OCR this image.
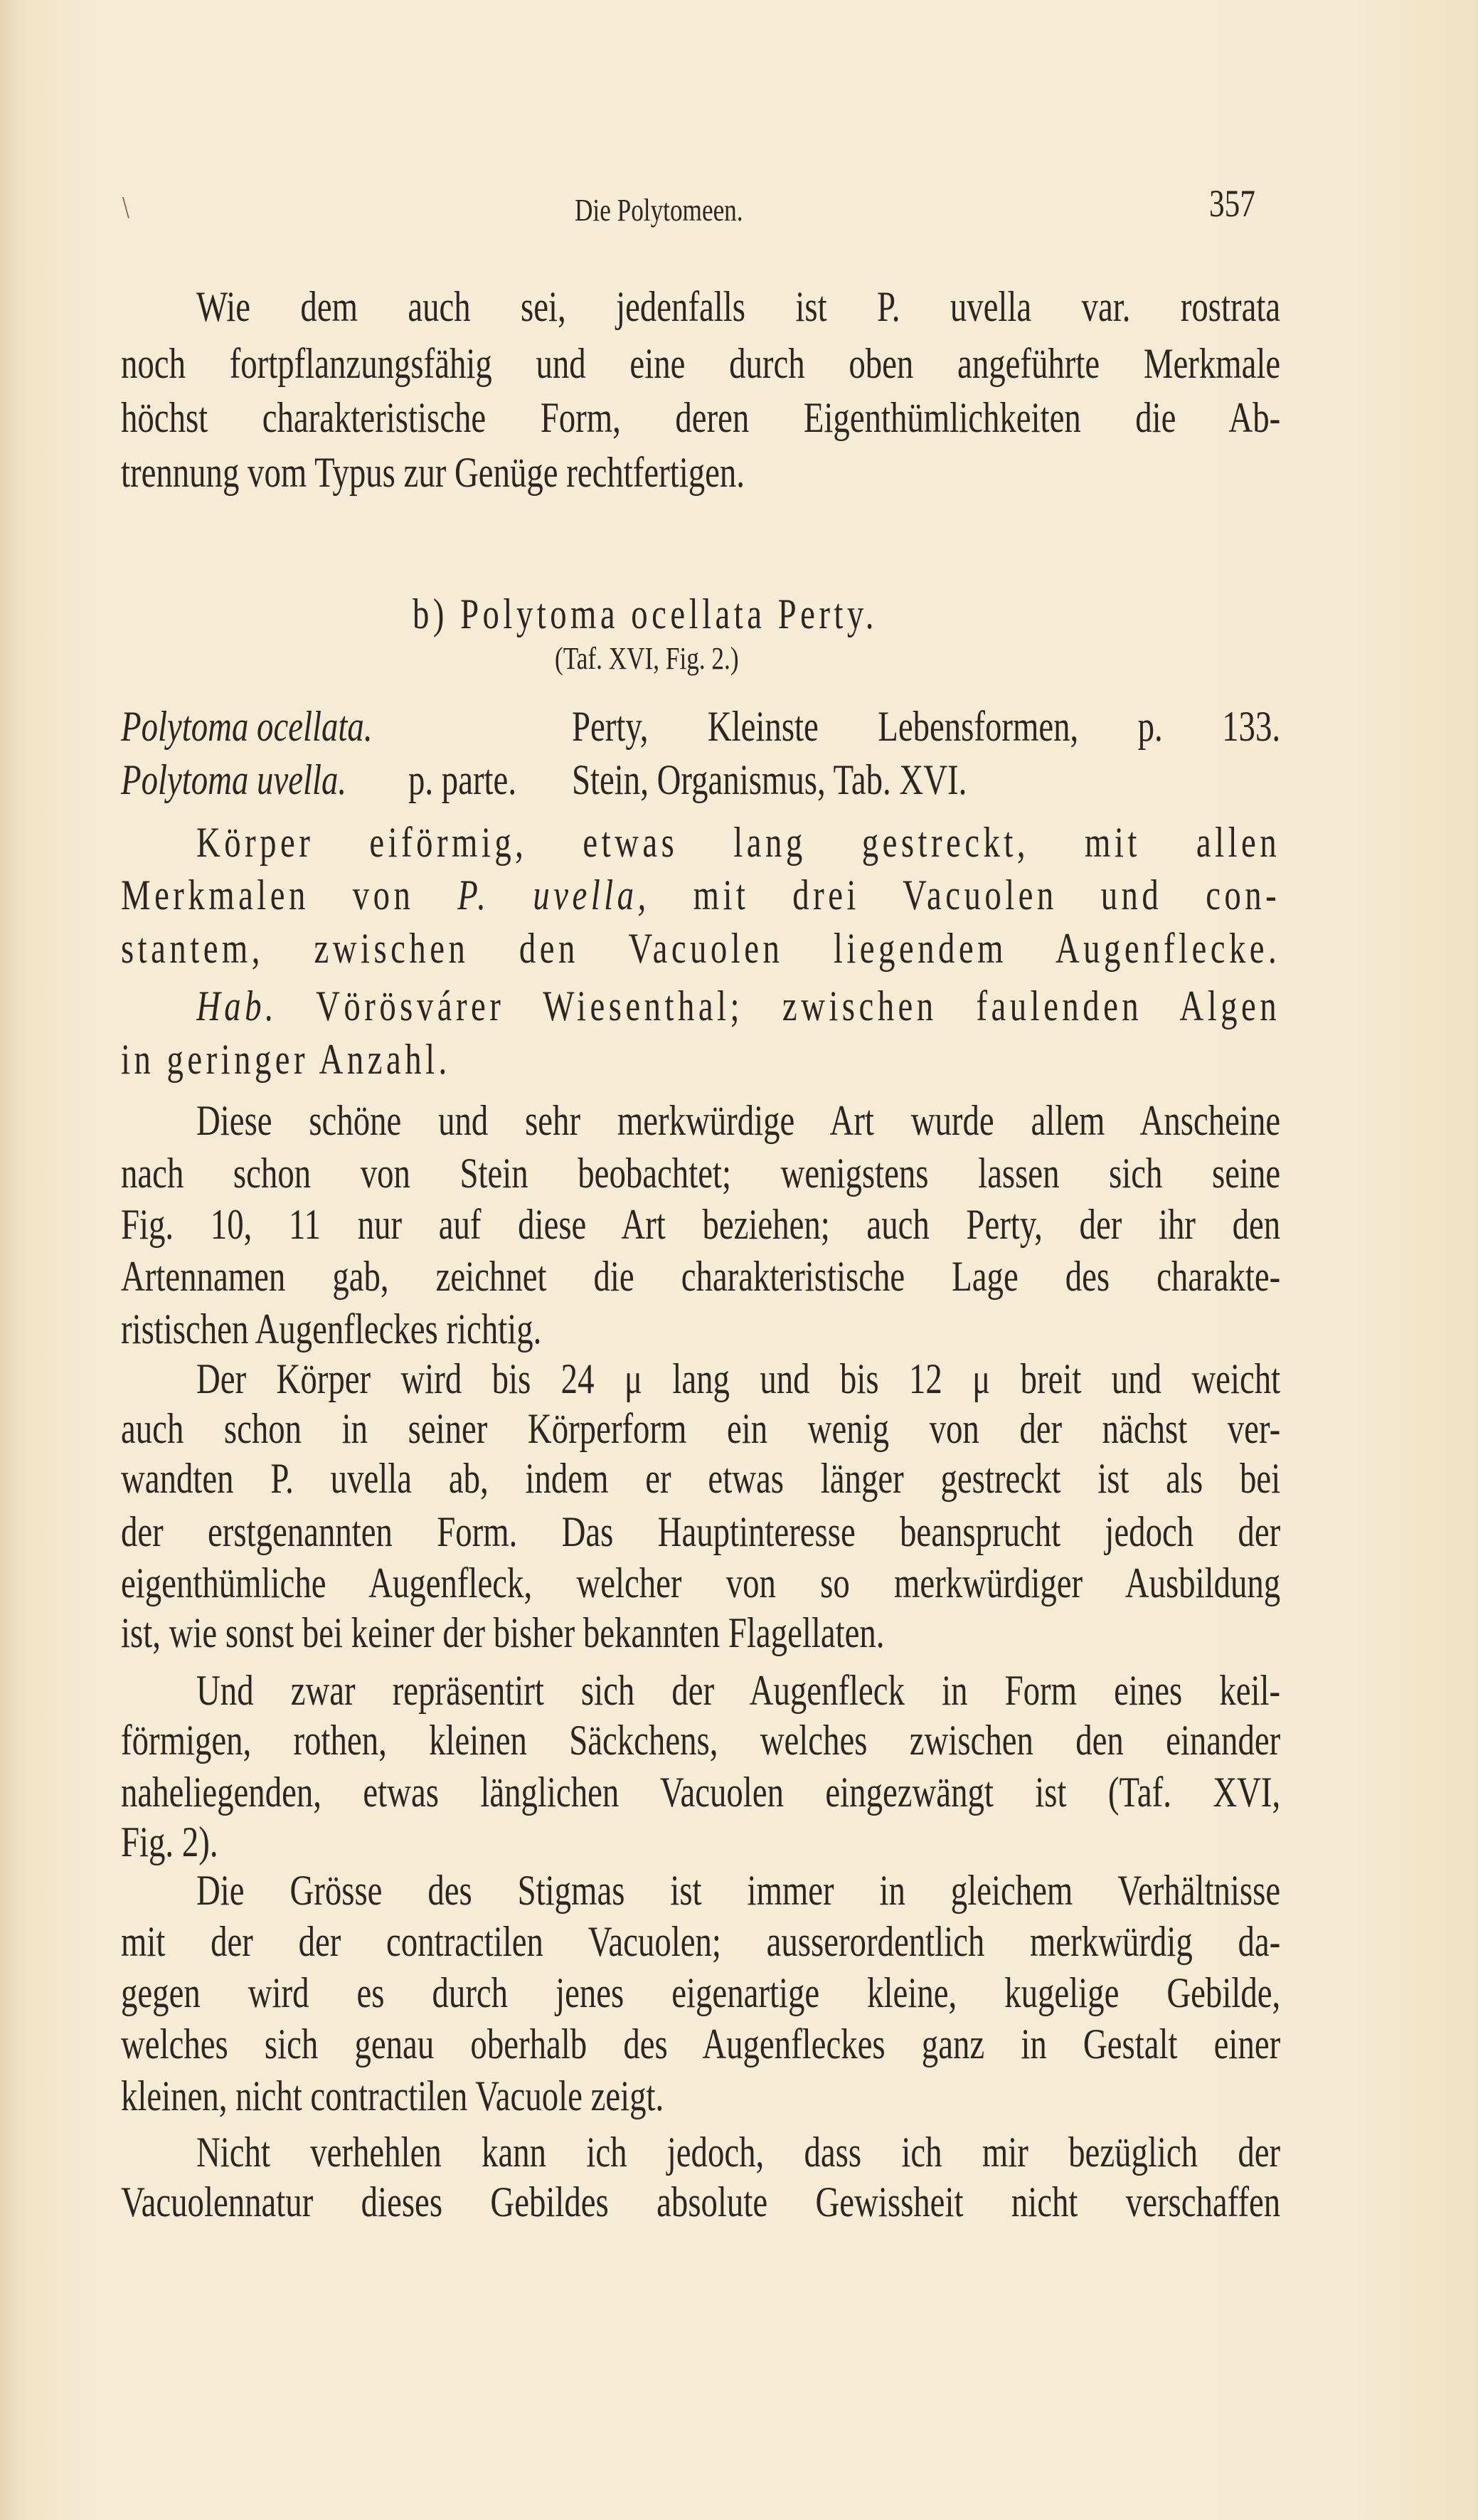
\	Die Polytomeen.	357
Wie dem auch sei, jedenfalls ist P. uvella var. rostrata
noch fortpflanzungsfähig und eine durch oben angeführte Merkmale
höchst charakteristische Form, deren Eigenthümlichkeiten die Ab-
trennung vom Typus zur Genüge rechtfertigen.
b) Polytoma ocellata Perty.
(Taf. XVI, Fig. 2.)
Polytoma ocellata.	Perty, Kleinste Lebensformen, p. 133.
Polytoma uvella. p. parte. Stein, Organismus, Tab. XVI.
Körper eiförmig, etwas lang gestreckt, mit allen
Merkmalen von P. uvella, mit drei Vacuolen und con-
stantem, zwischen den Vacuolen liegendem Augenflecke.
Hab. Vörösvárer Wiesenthal; zwischen faulenden Algen
in geringer Anzahl.
Diese schöne und sehr merkwürdige Art wurde allem Anscheine
nach schon von Stein beobachtet; wenigstens lassen sich seine
Fig. 10, 11 nur auf diese Art beziehen; auch Perty, der ihr den
Artennamen gab, zeichnet die charakteristische Lage des charakte-
ristischen Augenfleckes richtig.
Der Körper wird bis 24 μ lang und bis 12 μ breit und weicht
auch schon in seiner Körperform ein wenig von der nächst ver-
wandten P. uvella ab, indem er etwas länger gestreckt ist als bei
der erstgenannten Form. Das Hauptinteresse beansprucht jedoch der
eigenthümliche Augenfleck, welcher von so merkwürdiger Ausbildung
ist, wie sonst bei keiner der bisher bekannten Flagellaten.
Und zwar repräsentirt sich der Augenfleck in Form eines keil-
förmigen, rothen, kleinen Säckchens, welches zwischen den einander
naheliegenden, etwas länglichen Vacuolen eingezwängt ist (Taf. XVI,
Fig. 2).
Die Grösse des Stigmas ist immer in gleichem Verhältnisse
mit der der contractilen Vacuolen; ausserordentlich merkwürdig da-
gegen wird es durch jenes eigenartige kleine, kugelige Gebilde,
welches sich genau oberhalb des Augenfleckes ganz in Gestalt einer
kleinen, nicht contractilen Vacuole zeigt.
Nicht verhehlen kann ich jedoch, dass ich mir bezüglich der
Vacuolennatur dieses Gebildes absolute Gewissheit nicht verschaffen
